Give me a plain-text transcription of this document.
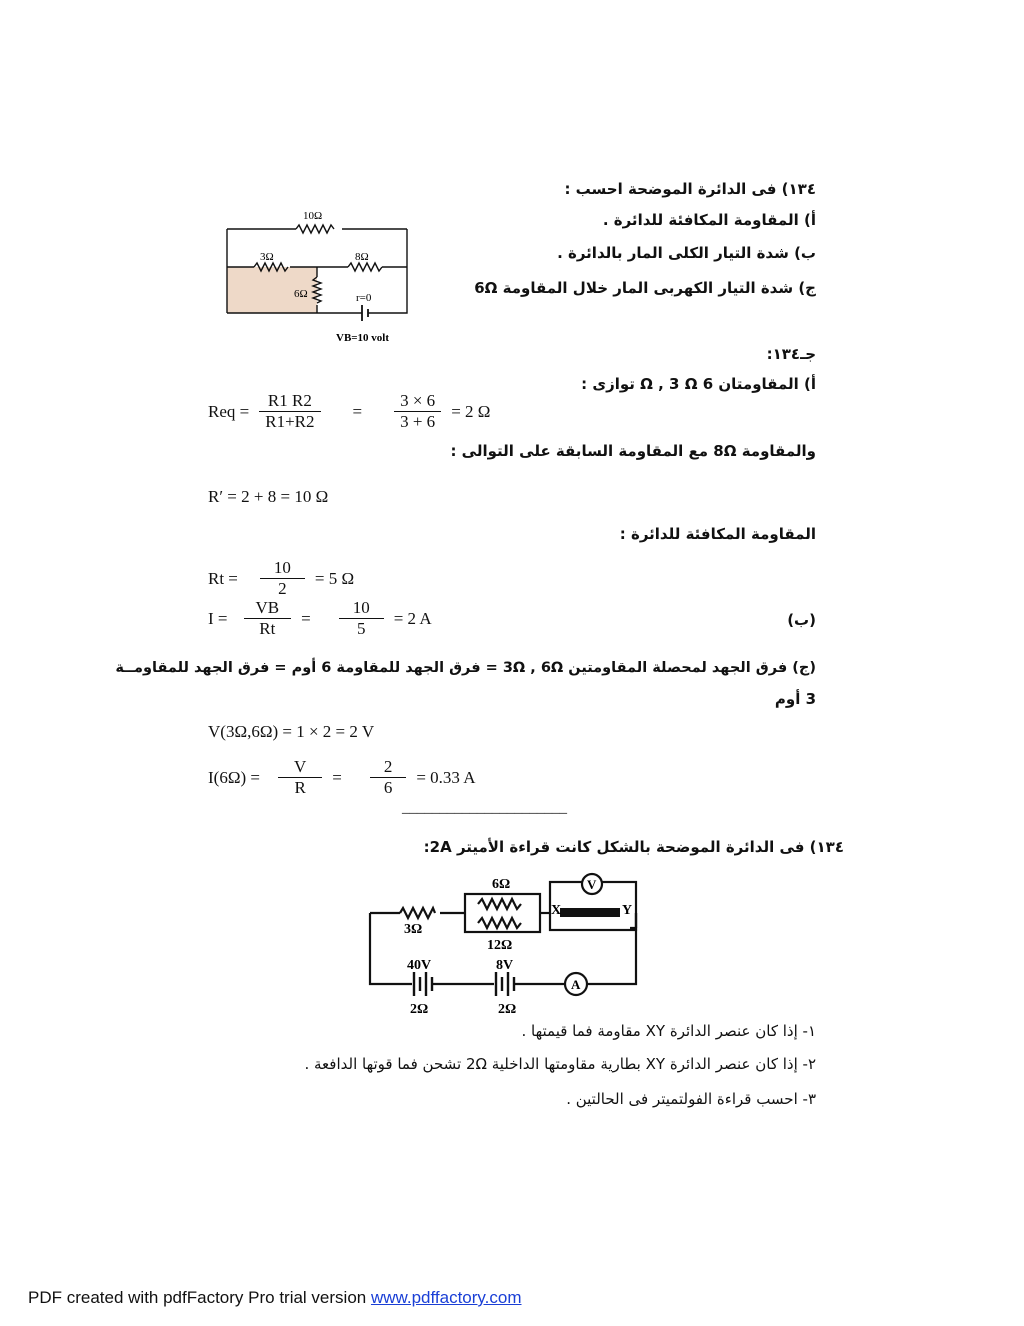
١٣٤) فى الدائرة الموضحة احسب :
أ) المقاومة المكافئة للدائرة .
ب) شدة التيار الكلى المار بالدائرة .
ج) شدة التيار الكهربى المار خلال المقاومة 6Ω
10Ω
3Ω	8Ω
6Ω	r=0
VB=10 volt
جـ١٣٤:
أ) المقاومتان 6 Ω , 3 Ω توازى :
Req = $\frac{R1 R2}{R1+R2} = \frac{3 \times 6}{3 + 6} = 2$ Ω
والمقاومة 8Ω مع المقاومة السابقة على التوالى :
R′ = 2 + 8 = 10 Ω
المقاومة المكافئة للدائرة :
$Rt = \frac{10}{2} = 5$ Ω
$I = \frac{VB}{Rt} = \frac{10}{5} = 2$ A	(ب)
(ج) فرق الجهد لمحصلة المقاومتين 3Ω , 6Ω = فرق الجهد للمقاومة 6 أوم = فرق الجهد للمقاومــة
3 أوم
V(3Ω,6Ω) = 1 × 2 = 2 V
$I(6\Omega) = \frac{V}{R} = \frac{2}{6} = 0.33$ A
______________________
١٣٤) فى الدائرة الموضحة بالشكل كانت قراءة الأميتر 2A:
6Ω
3Ω
12Ω
V
X	Y
40V
2Ω
8V
2Ω
A
١- إذا كان عنصر الدائرة XY مقاومة فما قيمتها .
٢- إذا كان عنصر الدائرة XY بطارية مقاومتها الداخلية 2Ω تشحن فما قوتها الدافعة .
٣- احسب قراءة الفولتميتر فى الحالتين .
PDF created with pdfFactory Pro trial version www.pdffactory.com
